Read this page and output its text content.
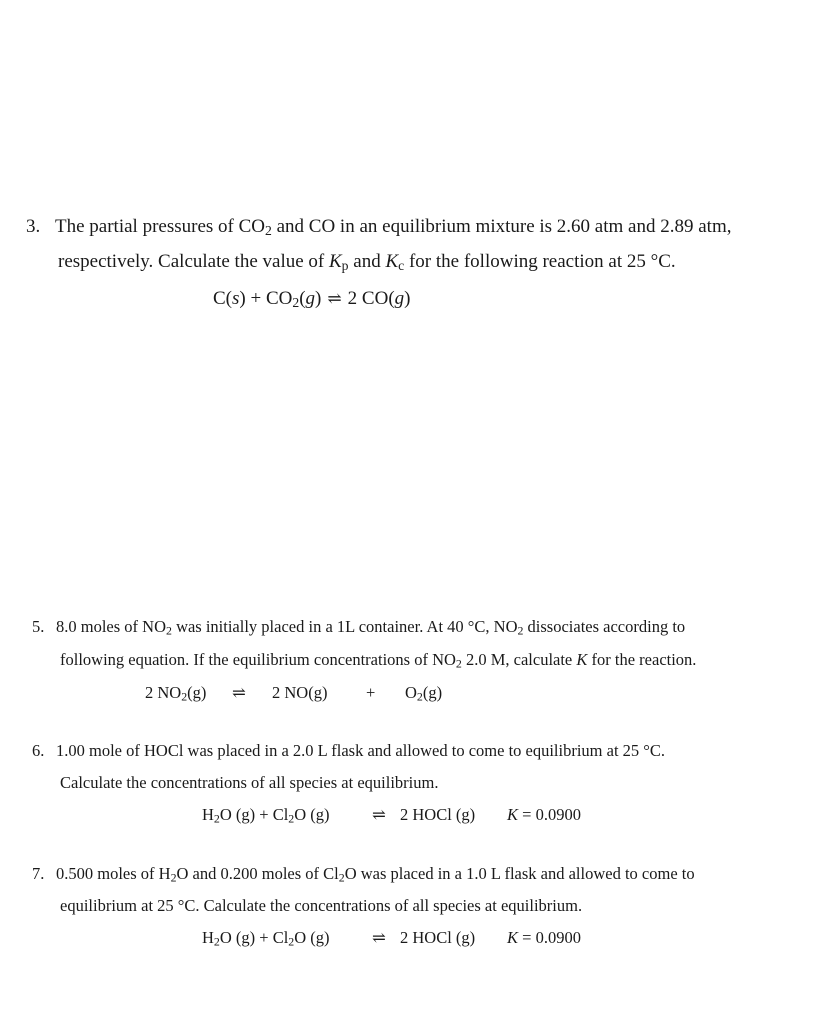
3. The partial pressures of $CO_2$ and CO in an equilibrium mixture is 2.60 atm and 2.89 atm,
respectively. Calculate the value of $K_p$ and $K_c$ for the following reaction at 25 °C.
$C(s) + CO_2(g)$ ⇌ 2 CO(g)
5. 8.0 moles of $NO_2$ was initially placed in a 1L container. At 40 °C, $NO_2$ dissociates according to
following equation. If the equilibrium concentrations of $NO_2$ 2.0 M, calculate K for the reaction.
2 $NO_2(g)$ ⇌ 2 $NO(g) + O_2(g)$
6. 1.00 mole of HOCl was placed in a 2.0 L flask and allowed to come to equilibrium at 25 °C.
Calculate the concentrations of all species at equilibrium.
$H_2O$ $(g) + Cl_2O$ (g)	⇌ 2 HOCl (g) K = 0.0900
7. 0.500 moles of $H_2O$ and 0.200 moles of $Cl_2O$ was placed in a 1.0 L flask and allowed to come to
equilibrium at 25 °C. Calculate the concentrations of all species at equilibrium.
$H_2O$ $(g) + Cl_2O$ (g)	⇌ 2 HOCl (g) K = 0.0900
